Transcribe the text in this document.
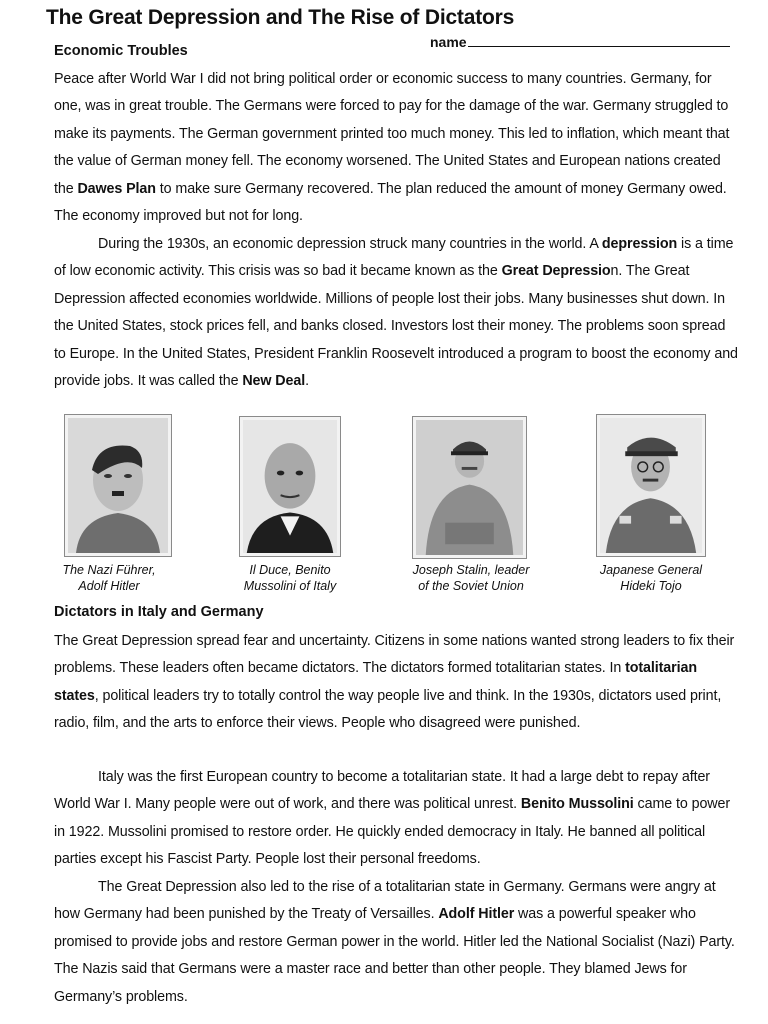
The Great Depression and The Rise of Dictators
name
Economic Troubles

Peace after World War I did not bring political order or economic success to many countries. Germany, for one, was in great trouble. The Germans were forced to pay for the damage of the war. Germany struggled to make its payments. The German government printed too much money. This led to inflation, which meant that the value of German money fell. The economy worsened. The United States and European nations created the Dawes Plan to make sure Germany recovered. The plan reduced the amount of money Germany owed. The economy improved but not for long.

During the 1930s, an economic depression struck many countries in the world. A depression is a time of low economic activity. This crisis was so bad it became known as the Great Depression. The Great Depression affected economies worldwide. Millions of people lost their jobs. Many businesses shut down. In the United States, stock prices fell, and banks closed. Investors lost their money. The problems soon spread to Europe. In the United States, President Franklin Roosevelt introduced a program to boost the economy and provide jobs. It was called the New Deal.

The Nazi Führer,
Adolf Hitler
Il Duce, Benito
Mussolini of Italy
Joseph Stalin, leader
of the Soviet Union
Japanese General
Hideki Tojo
Dictators in Italy and Germany

The Great Depression spread fear and uncertainty. Citizens in some nations wanted strong leaders to fix their problems. These leaders often became dictators. The dictators formed totalitarian states. In totalitarian states, political leaders try to totally control the way people live and think. In the 1930s, dictators used print, radio, film, and the arts to enforce their views. People who disagreed were punished.

Italy was the first European country to become a totalitarian state. It had a large debt to repay after World War I. Many people were out of work, and there was political unrest. Benito Mussolini came to power in 1922. Mussolini promised to restore order. He quickly ended democracy in Italy. He banned all political parties except his Fascist Party. People lost their personal freedoms.

The Great Depression also led to the rise of a totalitarian state in Germany. Germans were angry at how Germany had been punished by the Treaty of Versailles. Adolf Hitler was a powerful speaker who promised to provide jobs and restore German power in the world. Hitler led the National Socialist (Nazi) Party. The Nazis said that Germans were a master race and better than other people. They blamed Jews for Germany’s problems.
